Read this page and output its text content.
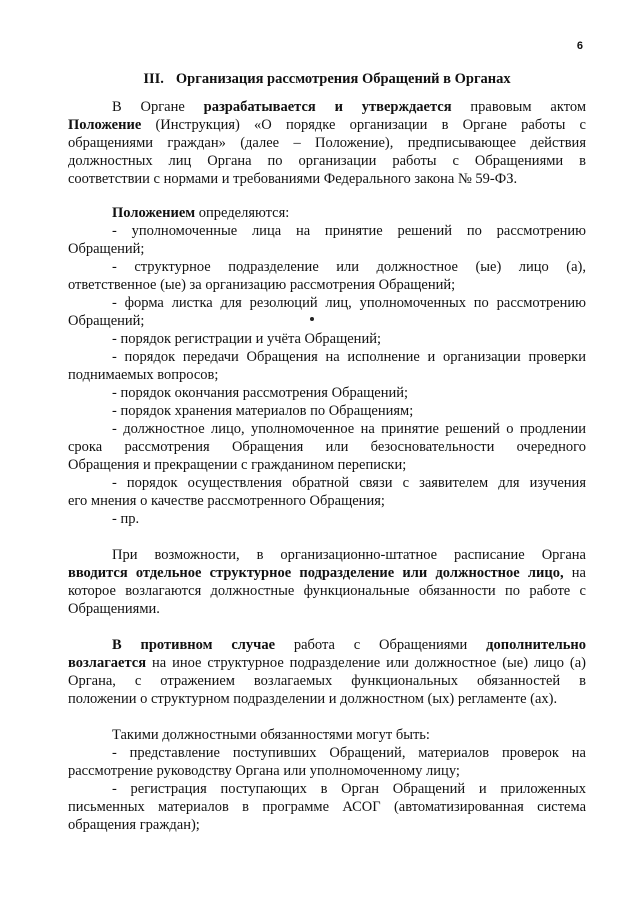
6
III. Организация рассмотрения Обращений в Органах

В Органе разрабатывается и утверждается правовым актом

Положение (Инструкция) «О порядке организации в Органе работы с

обращениями граждан» (далее – Положение), предписывающее действия

должностных лиц Органа по организации работы с Обращениями в

соответствии с нормами и требованиями Федерального закона № 59-ФЗ.

Положением определяются:

- уполномоченные лица на принятие решений по рассмотрению

Обращений;

- структурное подразделение или должностное (ые) лицо (а),

ответственное (ые) за организацию рассмотрения Обращений;

- форма листка для резолюций лиц, уполномоченных по рассмотрению

Обращений;

- порядок регистрации и учёта Обращений;

- порядок передачи Обращения на исполнение и организации проверки

поднимаемых вопросов;

- порядок окончания рассмотрения Обращений;

- порядок хранения материалов по Обращениям;

- должностное лицо, уполномоченное на принятие решений о продлении

срока рассмотрения Обращения или безосновательности очередного

Обращения и прекращении с гражданином переписки;

- порядок осуществления обратной связи с заявителем для изучения

его мнения о качестве рассмотренного Обращения;

- пр.

При возможности, в организационно-штатное расписание Органа

вводится отдельное структурное подразделение или должностное лицо, на

которое возлагаются должностные функциональные обязанности по работе с

Обращениями.

В противном случае работа с Обращениями дополнительно

возлагается на иное структурное подразделение или должностное (ые) лицо (а)

Органа, с отражением возлагаемых функциональных обязанностей в

положении о структурном подразделении и должностном (ых) регламенте (ах).

Такими должностными обязанностями могут быть:

- представление поступивших Обращений, материалов проверок на

рассмотрение руководству Органа или уполномоченному лицу;

- регистрация поступающих в Орган Обращений и приложенных

письменных материалов в программе АСОГ (автоматизированная система

обращения граждан);
